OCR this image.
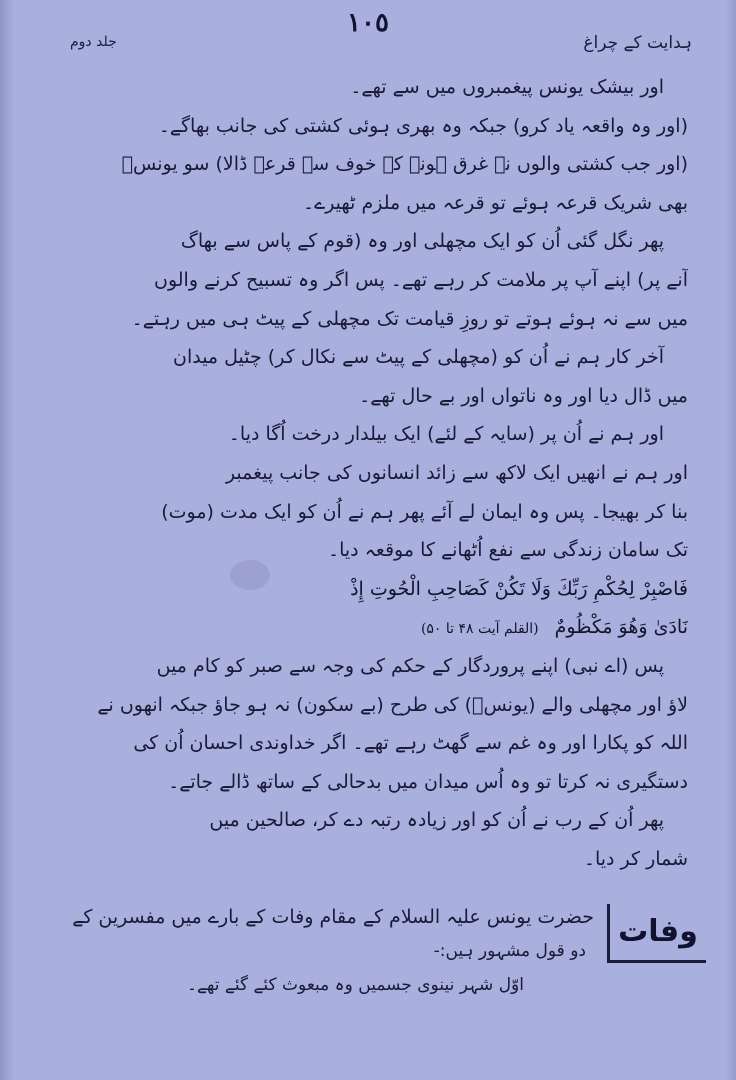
١٠٥
ہدایت کے چراغ
جلد دوم
اور بیشک یونس پیغمبروں میں سے تھے۔
(اور وہ واقعہ یاد کرو) جبکہ وہ بھری ہوئی کشتی کی جانب بھاگے۔
(اور جب کشتی والوں نے غرق ہونے کے خوف سے قرعہ ڈالا) سو یونسؑ
بھی شریک قرعہ ہوئے تو قرعہ میں ملزم ٹھیرے۔
پھر نگل گئی اُن کو ایک مچھلی اور وہ (قوم کے پاس سے بھاگ
آنے پر) اپنے آپ پر ملامت کر رہے تھے۔ پس اگر وہ تسبیح کرنے والوں
میں سے نہ ہوئے ہوتے تو روزِ قیامت تک مچھلی کے پیٹ ہی میں رہتے۔
آخر کار ہم نے اُن کو (مچھلی کے پیٹ سے نکال کر) چٹیل میدان
میں ڈال دیا اور وہ ناتواں اور بے حال تھے۔
اور ہم نے اُن پر (سایہ کے لئے) ایک بیلدار درخت اُگا دیا۔
اور ہم نے انھیں ایک لاکھ سے زائد انسانوں کی جانب پیغمبر
بنا کر بھیجا۔ پس وہ ایمان لے آئے پھر ہم نے اُن کو ایک مدت (موت)
تک سامان زندگی سے نفع اُٹھانے کا موقعہ دیا۔
فَاصْبِرْ لِحُكْمِ رَبِّكَ وَلَا تَكُنْ كَصَاحِبِ الْحُوتِ إِذْ
نَادَىٰ وَهُوَ مَكْظُومٌ(القلم آیت ۴۸ تا ۵۰)
پس (اے نبی) اپنے پروردگار کے حکم کی وجہ سے صبر کو کام میں
لاؤ اور مچھلی والے (یونسؑ) کی طرح (بے سکون) نہ ہو جاؤ جبکہ انھوں نے
اللہ کو پکارا اور وہ غم سے گھٹ رہے تھے۔ اگر خداوندی احسان اُن کی
دستگیری نہ کرتا تو وہ اُس میدان میں بدحالی کے ساتھ ڈالے جاتے۔
پھر اُن کے رب نے اُن کو اور زیادہ رتبہ دے کر، صالحین میں
شمار کر دیا۔
وفات
حضرت یونس علیہ السلام کے مقام وفات کے بارے میں مفسرین کے
دو قول مشہور ہیں:-
اوّل شہر نینوی جسمیں وہ مبعوث کئے گئے تھے۔
